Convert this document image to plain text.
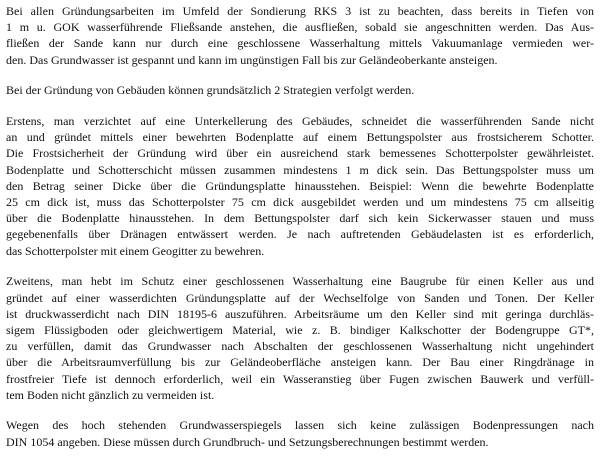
Bei allen Gründungsarbeiten im Umfeld der Sondierung RKS 3 ist zu beachten, dass bereits in Tiefen von
1 m u. GOK wasserführende Fließsande anstehen, die ausfließen, sobald sie angeschnitten werden. Das Aus-
fließen der Sande kann nur durch eine geschlossene Wasserhaltung mittels Vakuumanlage vermieden wer-
den. Das Grundwasser ist gespannt und kann im ungünstigen Fall bis zur Geländeoberkante ansteigen.

Bei der Gründung von Gebäuden können grundsätzlich 2 Strategien verfolgt werden.

Erstens, man verzichtet auf eine Unterkellerung des Gebäudes, schneidet die wasserführenden Sande nicht
an und gründet mittels einer bewehrten Bodenplatte auf einem Bettungspolster aus frostsicherem Schotter.
Die Frostsicherheit der Gründung wird über ein ausreichend stark bemessenes Schotterpolster gewährleistet.
Bodenplatte und Schotterschicht müssen zusammen mindestens 1 m dick sein. Das Bettungspolster muss um
den Betrag seiner Dicke über die Gründungsplatte hinausstehen. Beispiel: Wenn die bewehrte Bodenplatte
25 cm dick ist, muss das Schotterpolster 75 cm dick ausgebildet werden und um mindestens 75 cm allseitig
über die Bodenplatte hinausstehen. In dem Bettungspolster darf sich kein Sickerwasser stauen und muss
gegebenenfalls über Dränagen entwässert werden. Je nach auftretenden Gebäudelasten ist es erforderlich,
das Schotterpolster mit einem Geogitter zu bewehren.

Zweitens, man hebt im Schutz einer geschlossenen Wasserhaltung eine Baugrube für einen Keller aus und
gründet auf einer wasserdichten Gründungsplatte auf der Wechselfolge von Sanden und Tonen. Der Keller
ist druckwasserdicht nach DIN 18195-6 auszuführen. Arbeitsräume um den Keller sind mit geringa durchläs-
sigem Flüssigboden oder gleichwertigem Material, wie z. B. bindiger Kalkschotter der Bodengruppe GT*,
zu verfüllen, damit das Grundwasser nach Abschalten der geschlossenen Wasserhaltung nicht ungehindert
über die Arbeitsraumverfüllung bis zur Geländeoberfläche ansteigen kann. Der Bau einer Ringdränage in
frostfreier Tiefe ist dennoch erforderlich, weil ein Wasseranstieg über Fugen zwischen Bauwerk und verfüll-
tem Boden nicht gänzlich zu vermeiden ist.

Wegen des hoch stehenden Grundwasserspiegels lassen sich keine zulässigen Bodenpressungen nach
DIN 1054 angeben. Diese müssen durch Grundbruch- und Setzungsberechnungen bestimmt werden.
